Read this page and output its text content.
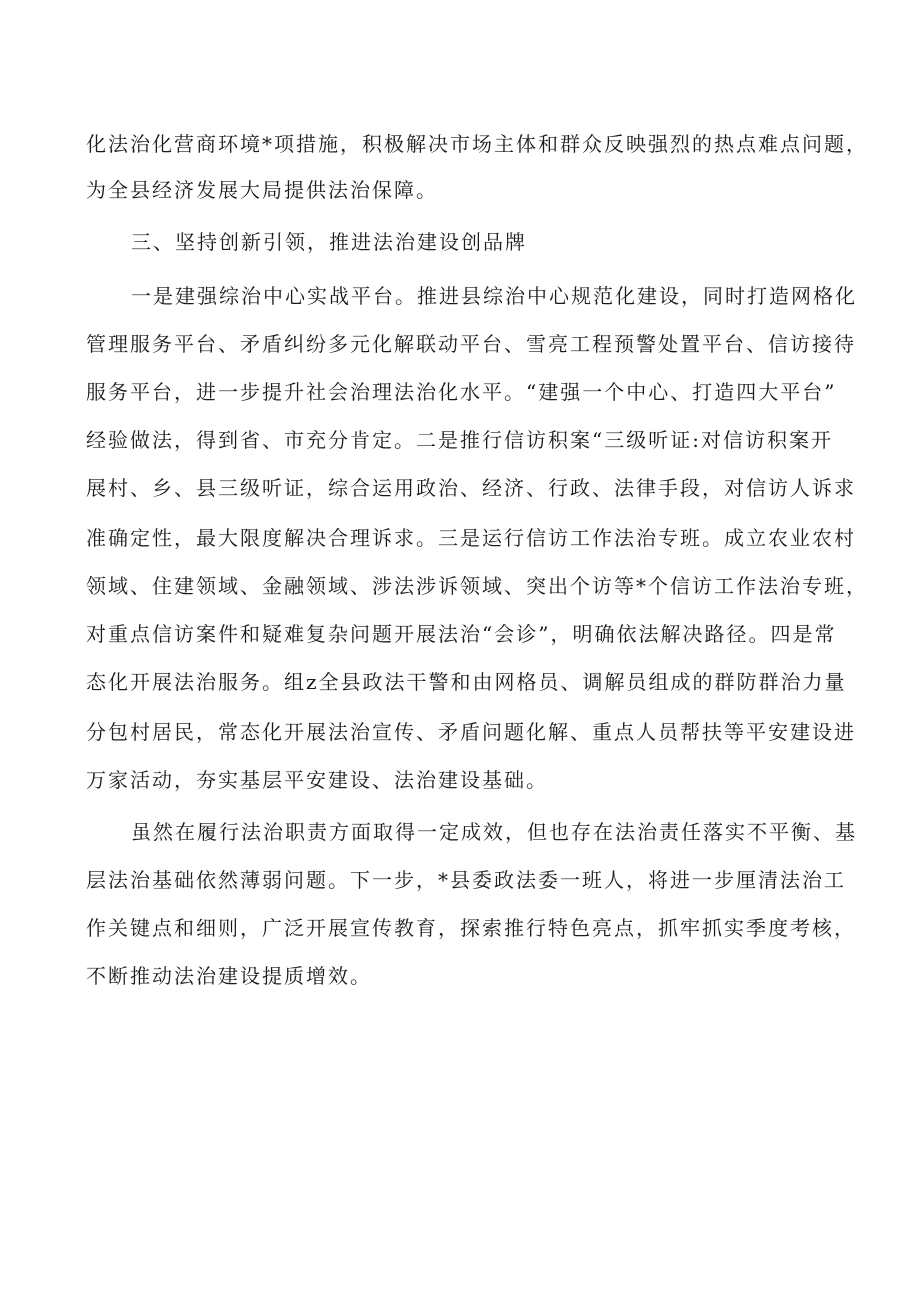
化法治化营商环境*项措施，积极解决市场主体和群众反映强烈的热点难点问题，
为全县经济发展大局提供法治保障。
三、坚持创新引领，推进法治建设创品牌
一是建强综治中心实战平台。推进县综治中心规范化建设，同时打造网格化
管理服务平台、矛盾纠纷多元化解联动平台、雪亮工程预警处置平台、信访接待
服务平台，进一步提升社会治理法治化水平。“建强一个中心、打造四大平台”
经验做法，得到省、市充分肯定。二是推行信访积案“三级听证:对信访积案开
展村、乡、县三级听证，综合运用政治、经济、行政、法律手段，对信访人诉求
准确定性，最大限度解决合理诉求。三是运行信访工作法治专班。成立农业农村
领域、住建领域、金融领域、涉法涉诉领域、突出个访等*个信访工作法治专班，
对重点信访案件和疑难复杂问题开展法治“会诊”，明确依法解决路径。四是常
态化开展法治服务。组z全县政法干警和由网格员、调解员组成的群防群治力量
分包村居民，常态化开展法治宣传、矛盾问题化解、重点人员帮扶等平安建设进
万家活动，夯实基层平安建设、法治建设基础。
虽然在履行法治职责方面取得一定成效，但也存在法治责任落实不平衡、基
层法治基础依然薄弱问题。下一步，*县委政法委一班人，将进一步厘清法治工
作关键点和细则，广泛开展宣传教育，探索推行特色亮点，抓牢抓实季度考核，
不断推动法治建设提质增效。
